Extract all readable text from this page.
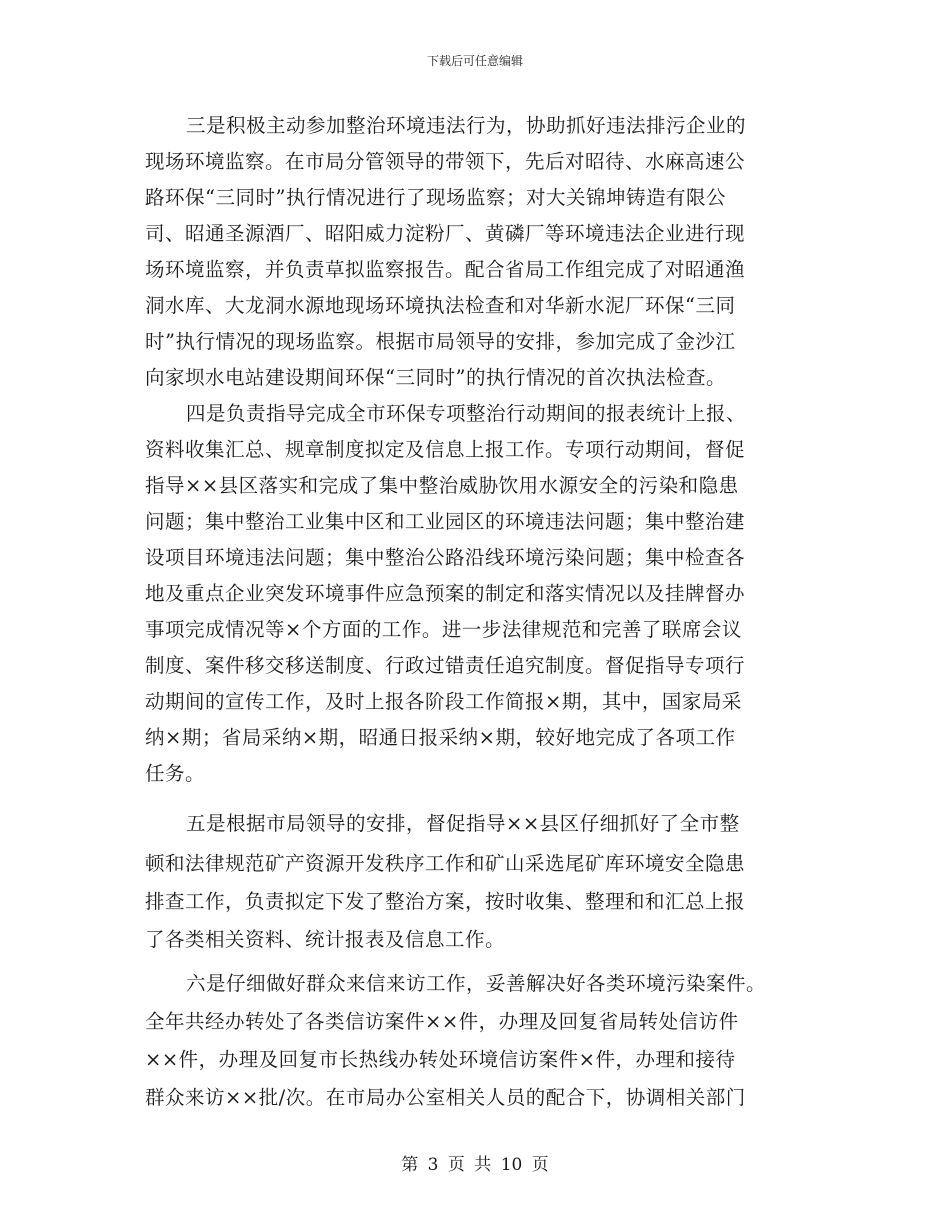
下载后可任意编辑
三是积极主动参加整治环境违法行为，协助抓好违法排污企业的
现场环境监察。在市局分管领导的带领下，先后对昭待、水麻高速公
路环保“三同时”执行情况进行了现场监察；对大关锦坤铸造有限公
司、昭通圣源酒厂、昭阳威力淀粉厂、黄磷厂等环境违法企业进行现
场环境监察，并负责草拟监察报告。配合省局工作组完成了对昭通渔
洞水库、大龙洞水源地现场环境执法检查和对华新水泥厂环保“三同
时”执行情况的现场监察。根据市局领导的安排，参加完成了金沙江
向家坝水电站建设期间环保“三同时”的执行情况的首次执法检查。
四是负责指导完成全市环保专项整治行动期间的报表统计上报、
资料收集汇总、规章制度拟定及信息上报工作。专项行动期间，督促
指导××县区落实和完成了集中整治威胁饮用水源安全的污染和隐患
问题；集中整治工业集中区和工业园区的环境违法问题；集中整治建
设项目环境违法问题；集中整治公路沿线环境污染问题；集中检查各
地及重点企业突发环境事件应急预案的制定和落实情况以及挂牌督办
事项完成情况等×个方面的工作。进一步法律规范和完善了联席会议
制度、案件移交移送制度、行政过错责任追究制度。督促指导专项行
动期间的宣传工作，及时上报各阶段工作简报×期，其中，国家局采
纳×期；省局采纳×期，昭通日报采纳×期，较好地完成了各项工作
任务。
五是根据市局领导的安排，督促指导××县区仔细抓好了全市整
顿和法律规范矿产资源开发秩序工作和矿山采选尾矿库环境安全隐患
排查工作，负责拟定下发了整治方案，按时收集、整理和和汇总上报
了各类相关资料、统计报表及信息工作。
六是仔细做好群众来信来访工作，妥善解决好各类环境污染案件。
全年共经办转处了各类信访案件××件，办理及回复省局转处信访件
××件，办理及回复市长热线办转处环境信访案件×件，办理和接待
群众来访××批/次。在市局办公室相关人员的配合下，协调相关部门
第 3 页 共 10 页
